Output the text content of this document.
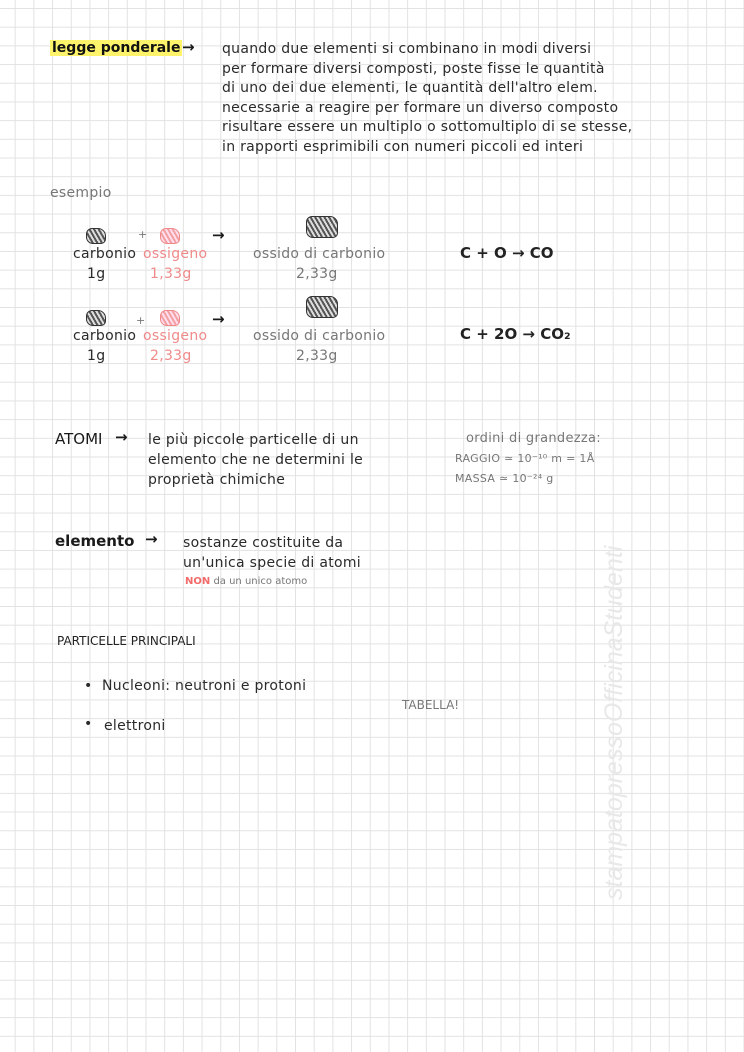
legge ponderale → quando due elementi si combinano in modi diversi
per formare diversi composti, poste fisse le quantità
di uno dei due elementi, le quantità dell'altro elem.
necessarie a reagire per formare un diverso composto
risultare essere un multiplo o sottomultiplo di se stesse,
in rapporti esprimibili con numeri piccoli ed interi
esempio
+	→
carbonio
1g
ossigeno
1,33g
ossido di carbonio
2,33g
C + O → CO
+	→
carbonio
1g
ossigeno
2,33g
ossido di carbonio
2,33g
C + 2O → CO₂
ATOMI → le più piccole particelle di un
elemento che ne determini le
proprietà chimiche
ordini di grandezza:
RAGGIO ≃ 10⁻¹⁰ m = 1Å
MASSA ≃ 10⁻²⁴ g
elemento → sostanze costituite da
un'unica specie di atomi
NON da un unico atomo
PARTICELLE PRINCIPALI
• Nucleoni: neutroni e protoni
• elettroni
TABELLA!	stampatopressoOfficinaStudenti
